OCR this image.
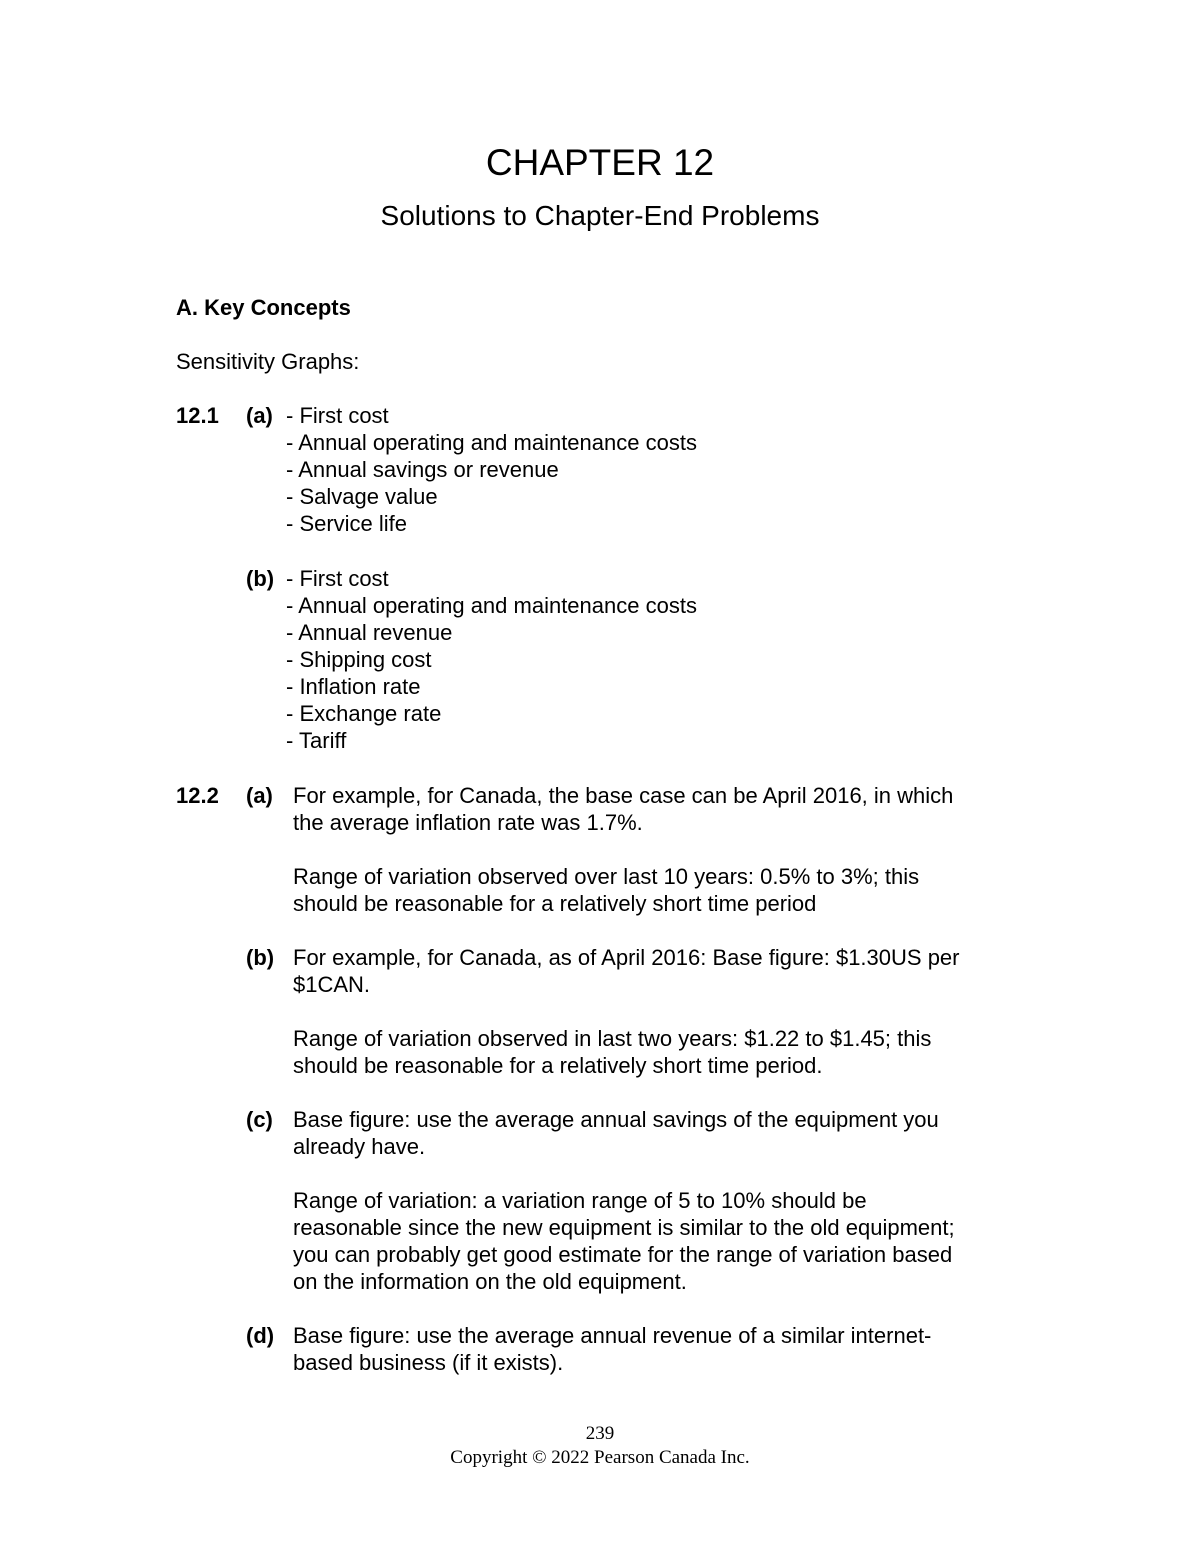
CHAPTER 12
Solutions to Chapter-End Problems
A. Key Concepts
Sensitivity Graphs:
12.1 (a) - First cost
- Annual operating and maintenance costs
- Annual savings or revenue
- Salvage value
- Service life
(b) - First cost
- Annual operating and maintenance costs
- Annual revenue
- Shipping cost
- Inflation rate
- Exchange rate
- Tariff
12.2 (a) For example, for Canada, the base case can be April 2016, in which
the average inflation rate was 1.7%.
Range of variation observed over last 10 years: 0.5% to 3%; this
should be reasonable for a relatively short time period
(b) For example, for Canada, as of April 2016: Base figure: $1.30US per
$1CAN.
Range of variation observed in last two years: $1.22 to $1.45; this
should be reasonable for a relatively short time period.
(c) Base figure: use the average annual savings of the equipment you
already have.
Range of variation: a variation range of 5 to 10% should be
reasonable since the new equipment is similar to the old equipment;
you can probably get good estimate for the range of variation based
on the information on the old equipment.
(d) Base figure: use the average annual revenue of a similar internet-
based business (if it exists).
239
Copyright © 2022 Pearson Canada Inc.
